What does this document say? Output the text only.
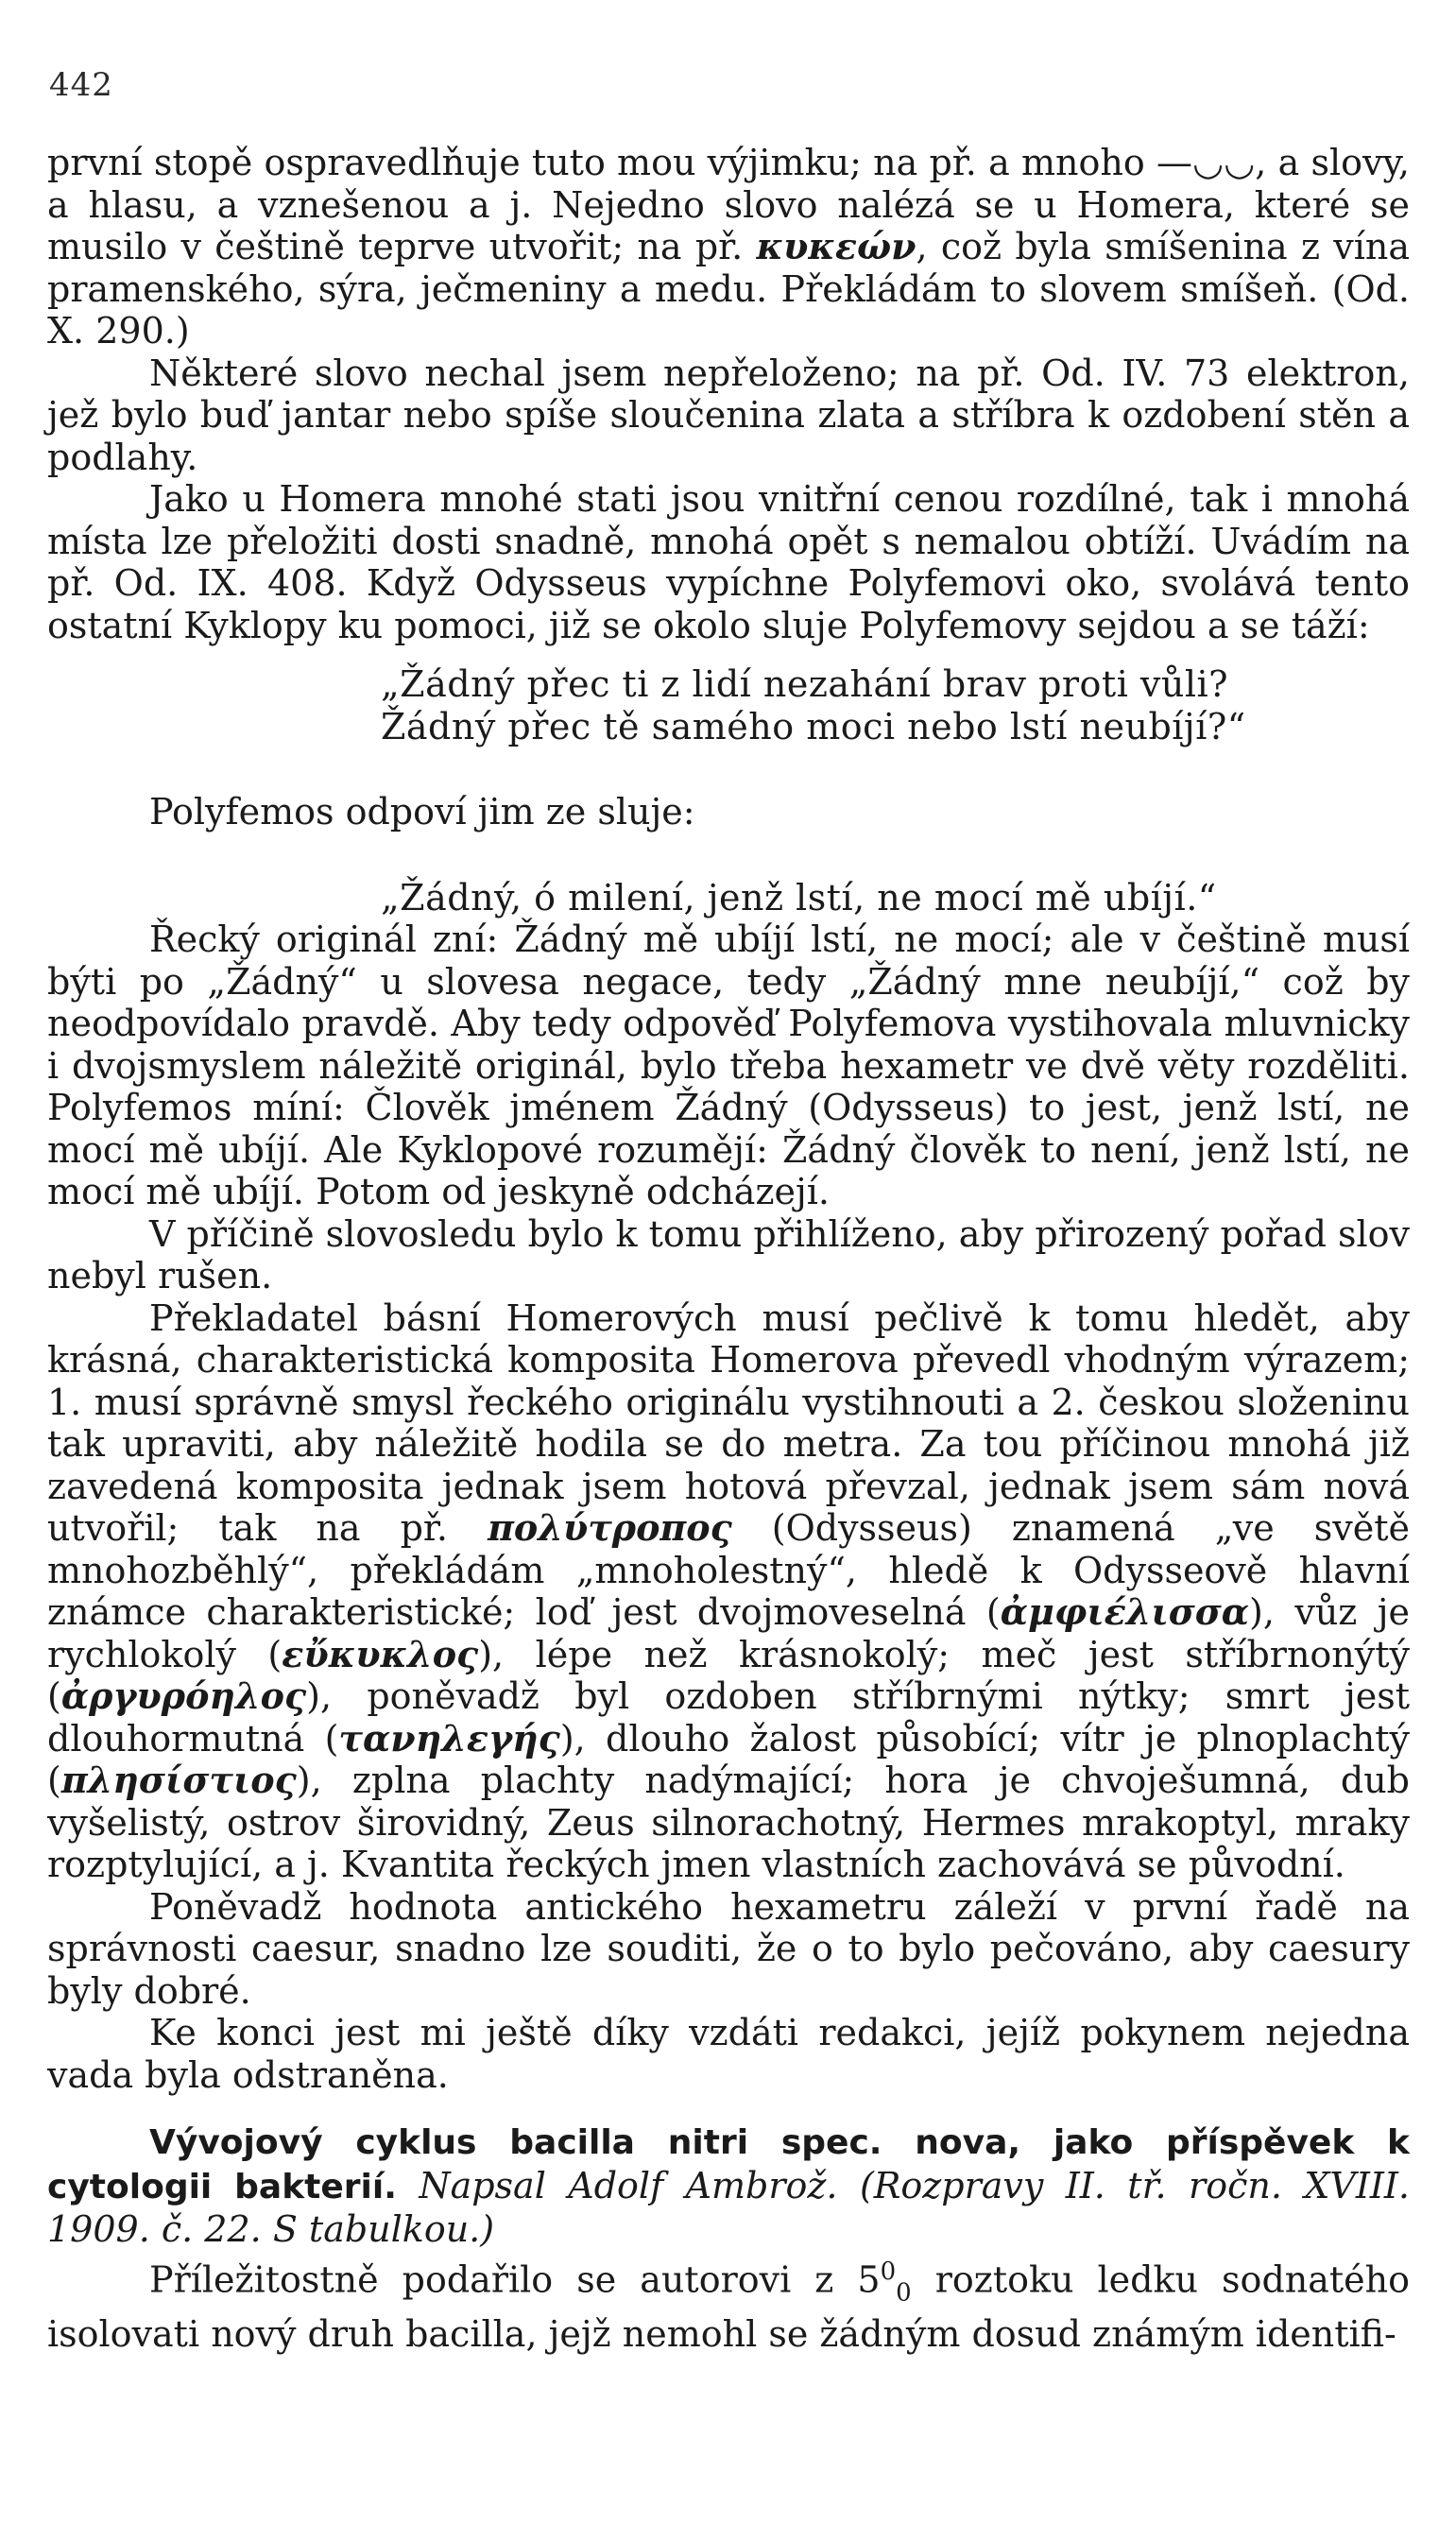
442

první stopě ospravedlňuje tuto mou výjimku; na př. a mnoho —◡◡, a slovy, a hlasu, a vznešenou a j. Nejedno slovo nalézá se u Homera, které se musilo v češtině teprve utvořit; na př. κυκεών, což byla smíšenina z vína pramenského, sýra, ječmeniny a medu. Překládám to slovem smíšeň. (Od. X. 290.)

Některé slovo nechal jsem nepřeloženo; na př. Od. IV. 73 elektron, jež bylo buď jantar nebo spíše sloučenina zlata a stříbra k ozdobení stěn a podlahy.

Jako u Homera mnohé stati jsou vnitřní cenou rozdílné, tak i mnohá místa lze přeložiti dosti snadně, mnohá opět s nemalou obtíží. Uvádím na př. Od. IX. 408. Když Odysseus vypíchne Polyfemovi oko, svolává tento ostatní Kyklopy ku pomoci, již se okolo sluje Polyfemovy sejdou a se táží:

„Žádný přec ti z lidí nezahání brav proti vůli?

Žádný přec tě samého moci nebo lstí neubíjí?“

Polyfemos odpoví jim ze sluje:

„Žádný, ó milení, jenž lstí, ne mocí mě ubíjí.“

Řecký originál zní: Žádný mě ubíjí lstí, ne mocí; ale v češtině musí býti po „Žádný“ u slovesa negace, tedy „Žádný mne neubíjí,“ což by neodpovídalo pravdě. Aby tedy odpověď Polyfemova vystihovala mluvnicky i dvojsmyslem náležitě originál, bylo třeba hexametr ve dvě věty rozděliti. Polyfemos míní: Člověk jménem Žádný (Odysseus) to jest, jenž lstí, ne mocí mě ubíjí. Ale Kyklopové rozumějí: Žádný člověk to není, jenž lstí, ne mocí mě ubíjí. Potom od jeskyně odcházejí.

V příčině slovosledu bylo k tomu přihlíženo, aby přirozený pořad slov nebyl rušen.

Překladatel básní Homerových musí pečlivě k tomu hledět, aby krásná, charakteristická komposita Homerova převedl vhodným výrazem; 1. musí správně smysl řeckého originálu vystihnouti a 2. českou složeninu tak upraviti, aby náležitě hodila se do metra. Za tou příčinou mnohá již zavedená komposita jednak jsem hotová převzal, jednak jsem sám nová utvořil; tak na př. πολύτροπος (Odysseus) znamená „ve světě mnohozběhlý“, překládám „mnoholestný“, hledě k Odysseově hlavní známce charakteristické; loď jest dvojmoveselná (ἀμφιέλισσα), vůz je rychlokolý (εὔκυκλος), lépe než krásnokolý; meč jest stříbrnonýtý (ἀργυρόηλος), poněvadž byl ozdoben stříbrnými nýtky; smrt jest dlouhormutná (τανηλεγής), dlouho žalost působící; vítr je plnoplachtý (πλησίστιος), zplna plachty nadýmající; hora je chvoješumná, dub vyšelistý, ostrov širovidný, Zeus silnorachotný, Hermes mrakoptyl, mraky rozptylující, a j. Kvantita řeckých jmen vlastních zachovává se původní.

Poněvadž hodnota antického hexametru záleží v první řadě na správnosti caesur, snadno lze souditi, že o to bylo pečováno, aby caesury byly dobré.

Ke konci jest mi ještě díky vzdáti redakci, jejíž pokynem nejedna vada byla odstraněna.

Vývojový cyklus bacilla nitri spec. nova, jako příspěvek k cytologii bakterií. Napsal Adolf Ambrož. (Rozpravy II. tř. ročn. XVIII. 1909. č. 22. S tabulkou.)

Příležitostně podařilo se autorovi z $5^0_0$ roztoku ledku sodnatého isolovati nový druh bacilla, jejž nemohl se žádným dosud známým identifi-
